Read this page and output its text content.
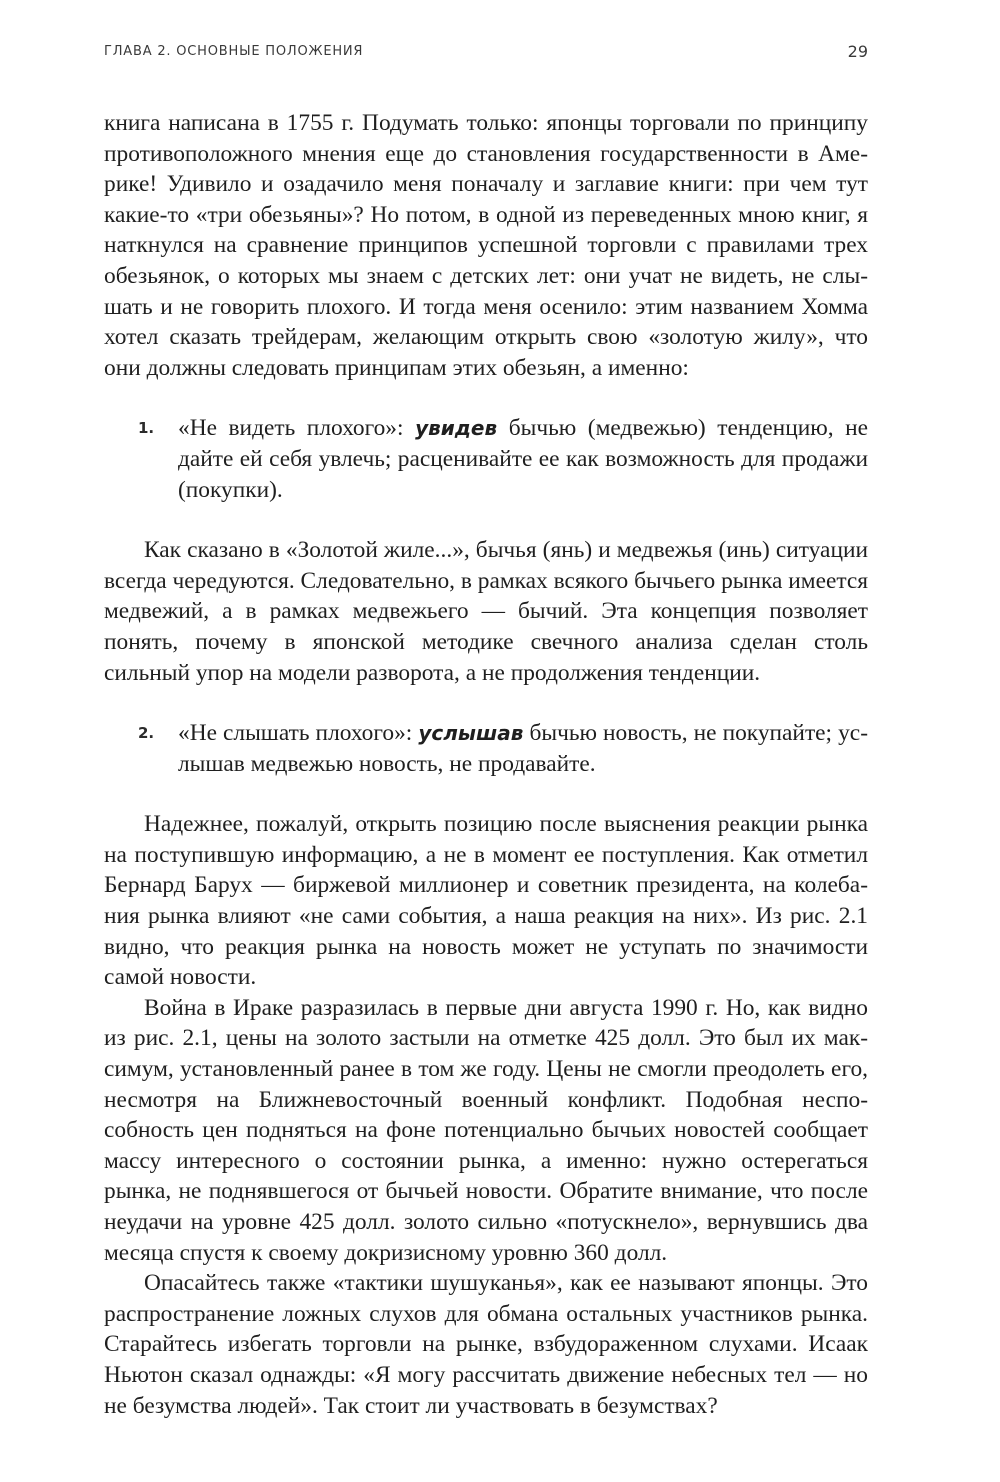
ГЛАВА 2. ОСНОВНЫЕ ПОЛОЖЕНИЯ	29

книга написана в 1755 г. Подумать только: японцы торговали по принципу противоположного мнения еще до становления государственности в Америке! Удивило и озадачило меня поначалу и заглавие книги: при чем тут какие-то «три обезьяны»? Но потом, в одной из переведенных мною книг, я наткнулся на сравнение принципов успешной торговли с правилами трех обезьянок, о которых мы знаем с детских лет: они учат не видеть, не слышать и не говорить плохого. И тогда меня осенило: этим названием Хомма хотел сказать трейдерам, желающим открыть свою «золотую жилу», что они должны следовать принципам этих обезьян, а именно:

1.	«Не видеть плохого»: увидев бычью (медвежью) тенденцию, не дайте ей себя увлечь; расценивайте ее как возможность для продажи (покупки).

Как сказано в «Золотой жиле...», бычья (янь) и медвежья (инь) ситуации всегда чередуются. Следовательно, в рамках всякого бычьего рынка имеется медвежий, а в рамках медвежьего — бычий. Эта концепция позволяет понять, почему в японской методике свечного анализа сделан столь сильный упор на модели разворота, а не продолжения тенденции.

2.	«Не слышать плохого»: услышав бычью новость, не покупайте; услышав медвежью новость, не продавайте.

Надежнее, пожалуй, открыть позицию после выяснения реакции рынка на поступившую информацию, а не в момент ее поступления. Как отметил Бернард Барух — биржевой миллионер и советник президента, на колебания рынка влияют «не сами события, а наша реакция на них». Из рис. 2.1 видно, что реакция рынка на новость может не уступать по значимости самой новости.

Война в Ираке разразилась в первые дни августа 1990 г. Но, как видно из рис. 2.1, цены на золото застыли на отметке 425 долл. Это был их максимум, установленный ранее в том же году. Цены не смогли преодолеть его, несмотря на Ближневосточный военный конфликт. Подобная неспособность цен подняться на фоне потенциально бычьих новостей сообщает массу интересного о состоянии рынка, а именно: нужно остерегаться рынка, не поднявшегося от бычьей новости. Обратите внимание, что после неудачи на уровне 425 долл. золото сильно «потускнело», вернувшись два месяца спустя к своему докризисному уровню 360 долл.

Опасайтесь также «тактики шушуканья», как ее называют японцы. Это распространение ложных слухов для обмана остальных участников рынка. Старайтесь избегать торговли на рынке, взбудораженном слухами. Исаак Ньютон сказал однажды: «Я могу рассчитать движение небесных тел — но не безумства людей». Так стоит ли участвовать в безумствах?
